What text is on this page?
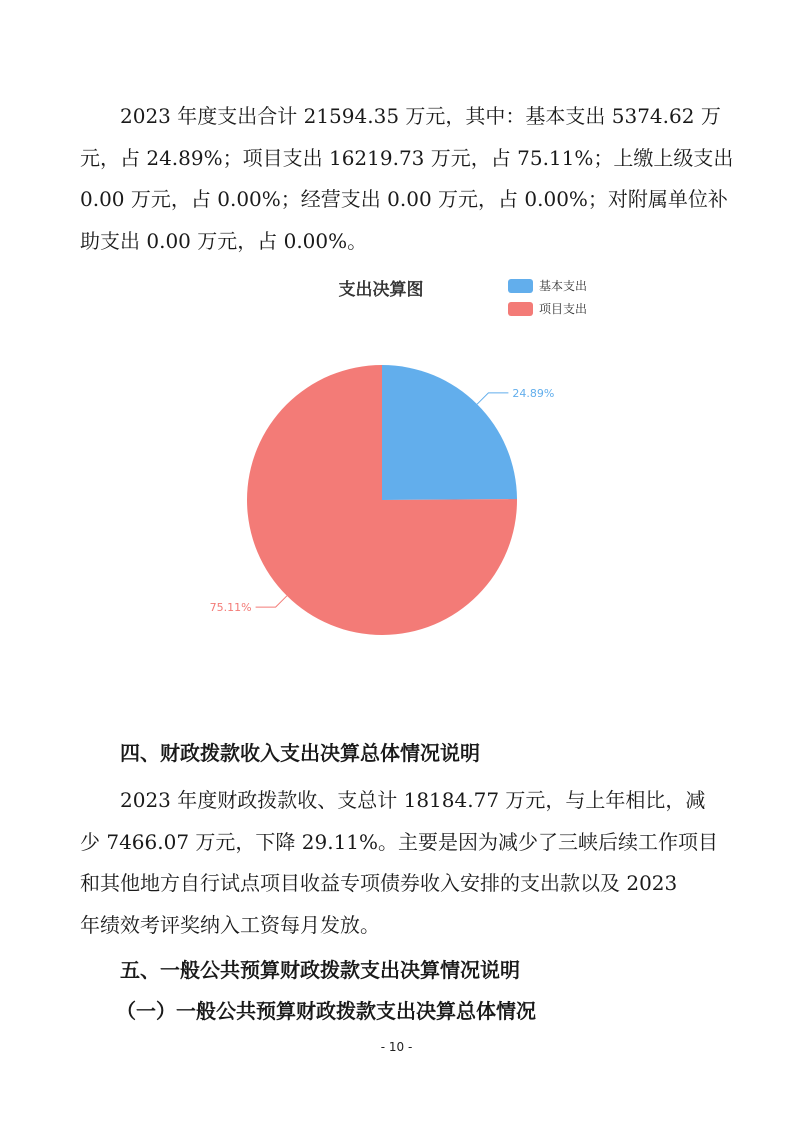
2023 年度支出合计 21594.35 万元，其中：基本支出 5374.62 万
元，占 24.89%；项目支出 16219.73 万元，占 75.11%；上缴上级支出
0.00 万元，占 0.00%；经营支出 0.00 万元，占 0.00%；对附属单位补
助支出 0.00 万元，占 0.00%。

支出决算图	基本支出
项目支出
24.89%
75.11%
四、财政拨款收入支出决算总体情况说明

2023 年度财政拨款收、支总计 18184.77 万元，与上年相比，减
少 7466.07 万元，下降 29.11%。主要是因为减少了三峡后续工作项目
和其他地方自行试点项目收益专项债券收入安排的支出款以及 2023
年绩效考评奖纳入工资每月发放。

五、一般公共预算财政拨款支出决算情况说明
（一）一般公共预算财政拨款支出决算总体情况
- 10 -
